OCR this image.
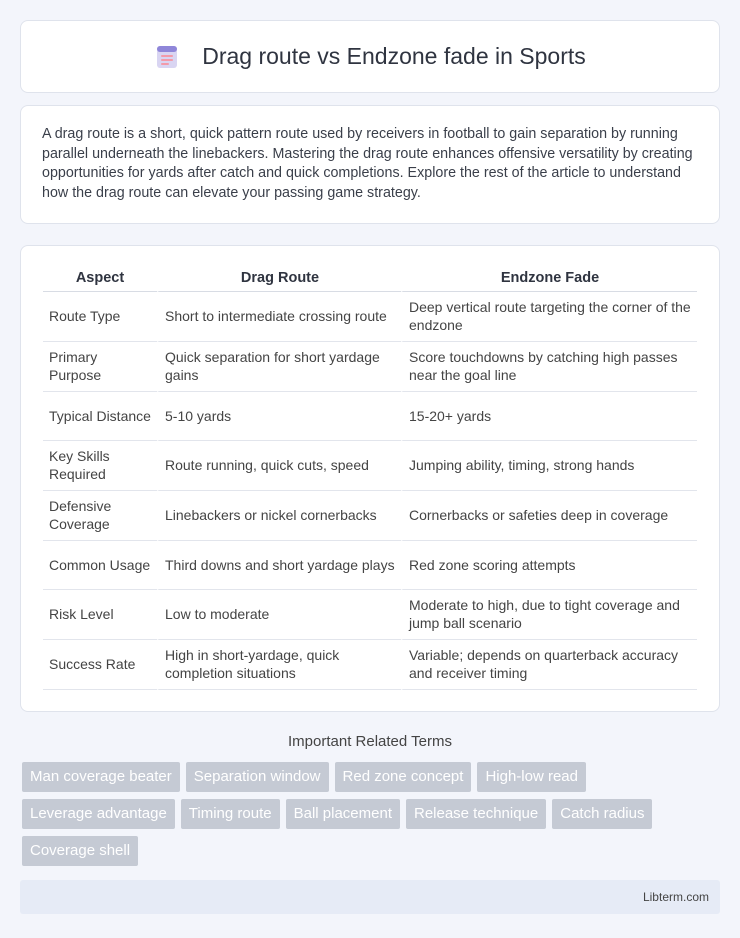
Drag route vs Endzone fade in Sports

A drag route is a short, quick pattern route used by receivers in football to gain separation by running parallel underneath the linebackers. Mastering the drag route enhances offensive versatility by creating opportunities for yards after catch and quick completions. Explore the rest of the article to understand how the drag route can elevate your passing game strategy.

Aspect	Drag Route	Endzone Fade
Route Type	Short to intermediate crossing route	Deep vertical route targeting the corner of the endzone
Primary Purpose	Quick separation for short yardage gains	Score touchdowns by catching high passes near the goal line
Typical Distance	5-10 yards	15-20+ yards
Key Skills Required	Route running, quick cuts, speed	Jumping ability, timing, strong hands
Defensive Coverage	Linebackers or nickel cornerbacks	Cornerbacks or safeties deep in coverage
Common Usage	Third downs and short yardage plays	Red zone scoring attempts
Risk Level	Low to moderate	Moderate to high, due to tight coverage and jump ball scenario
Success Rate	High in short-yardage, quick completion situations	Variable; depends on quarterback accuracy and receiver timing
Important Related Terms
Man coverage beater	Separation window	Red zone concept	High-low read
Leverage advantage	Timing route	Ball placement	Release technique	Catch radius
Coverage shell
Libterm.com
